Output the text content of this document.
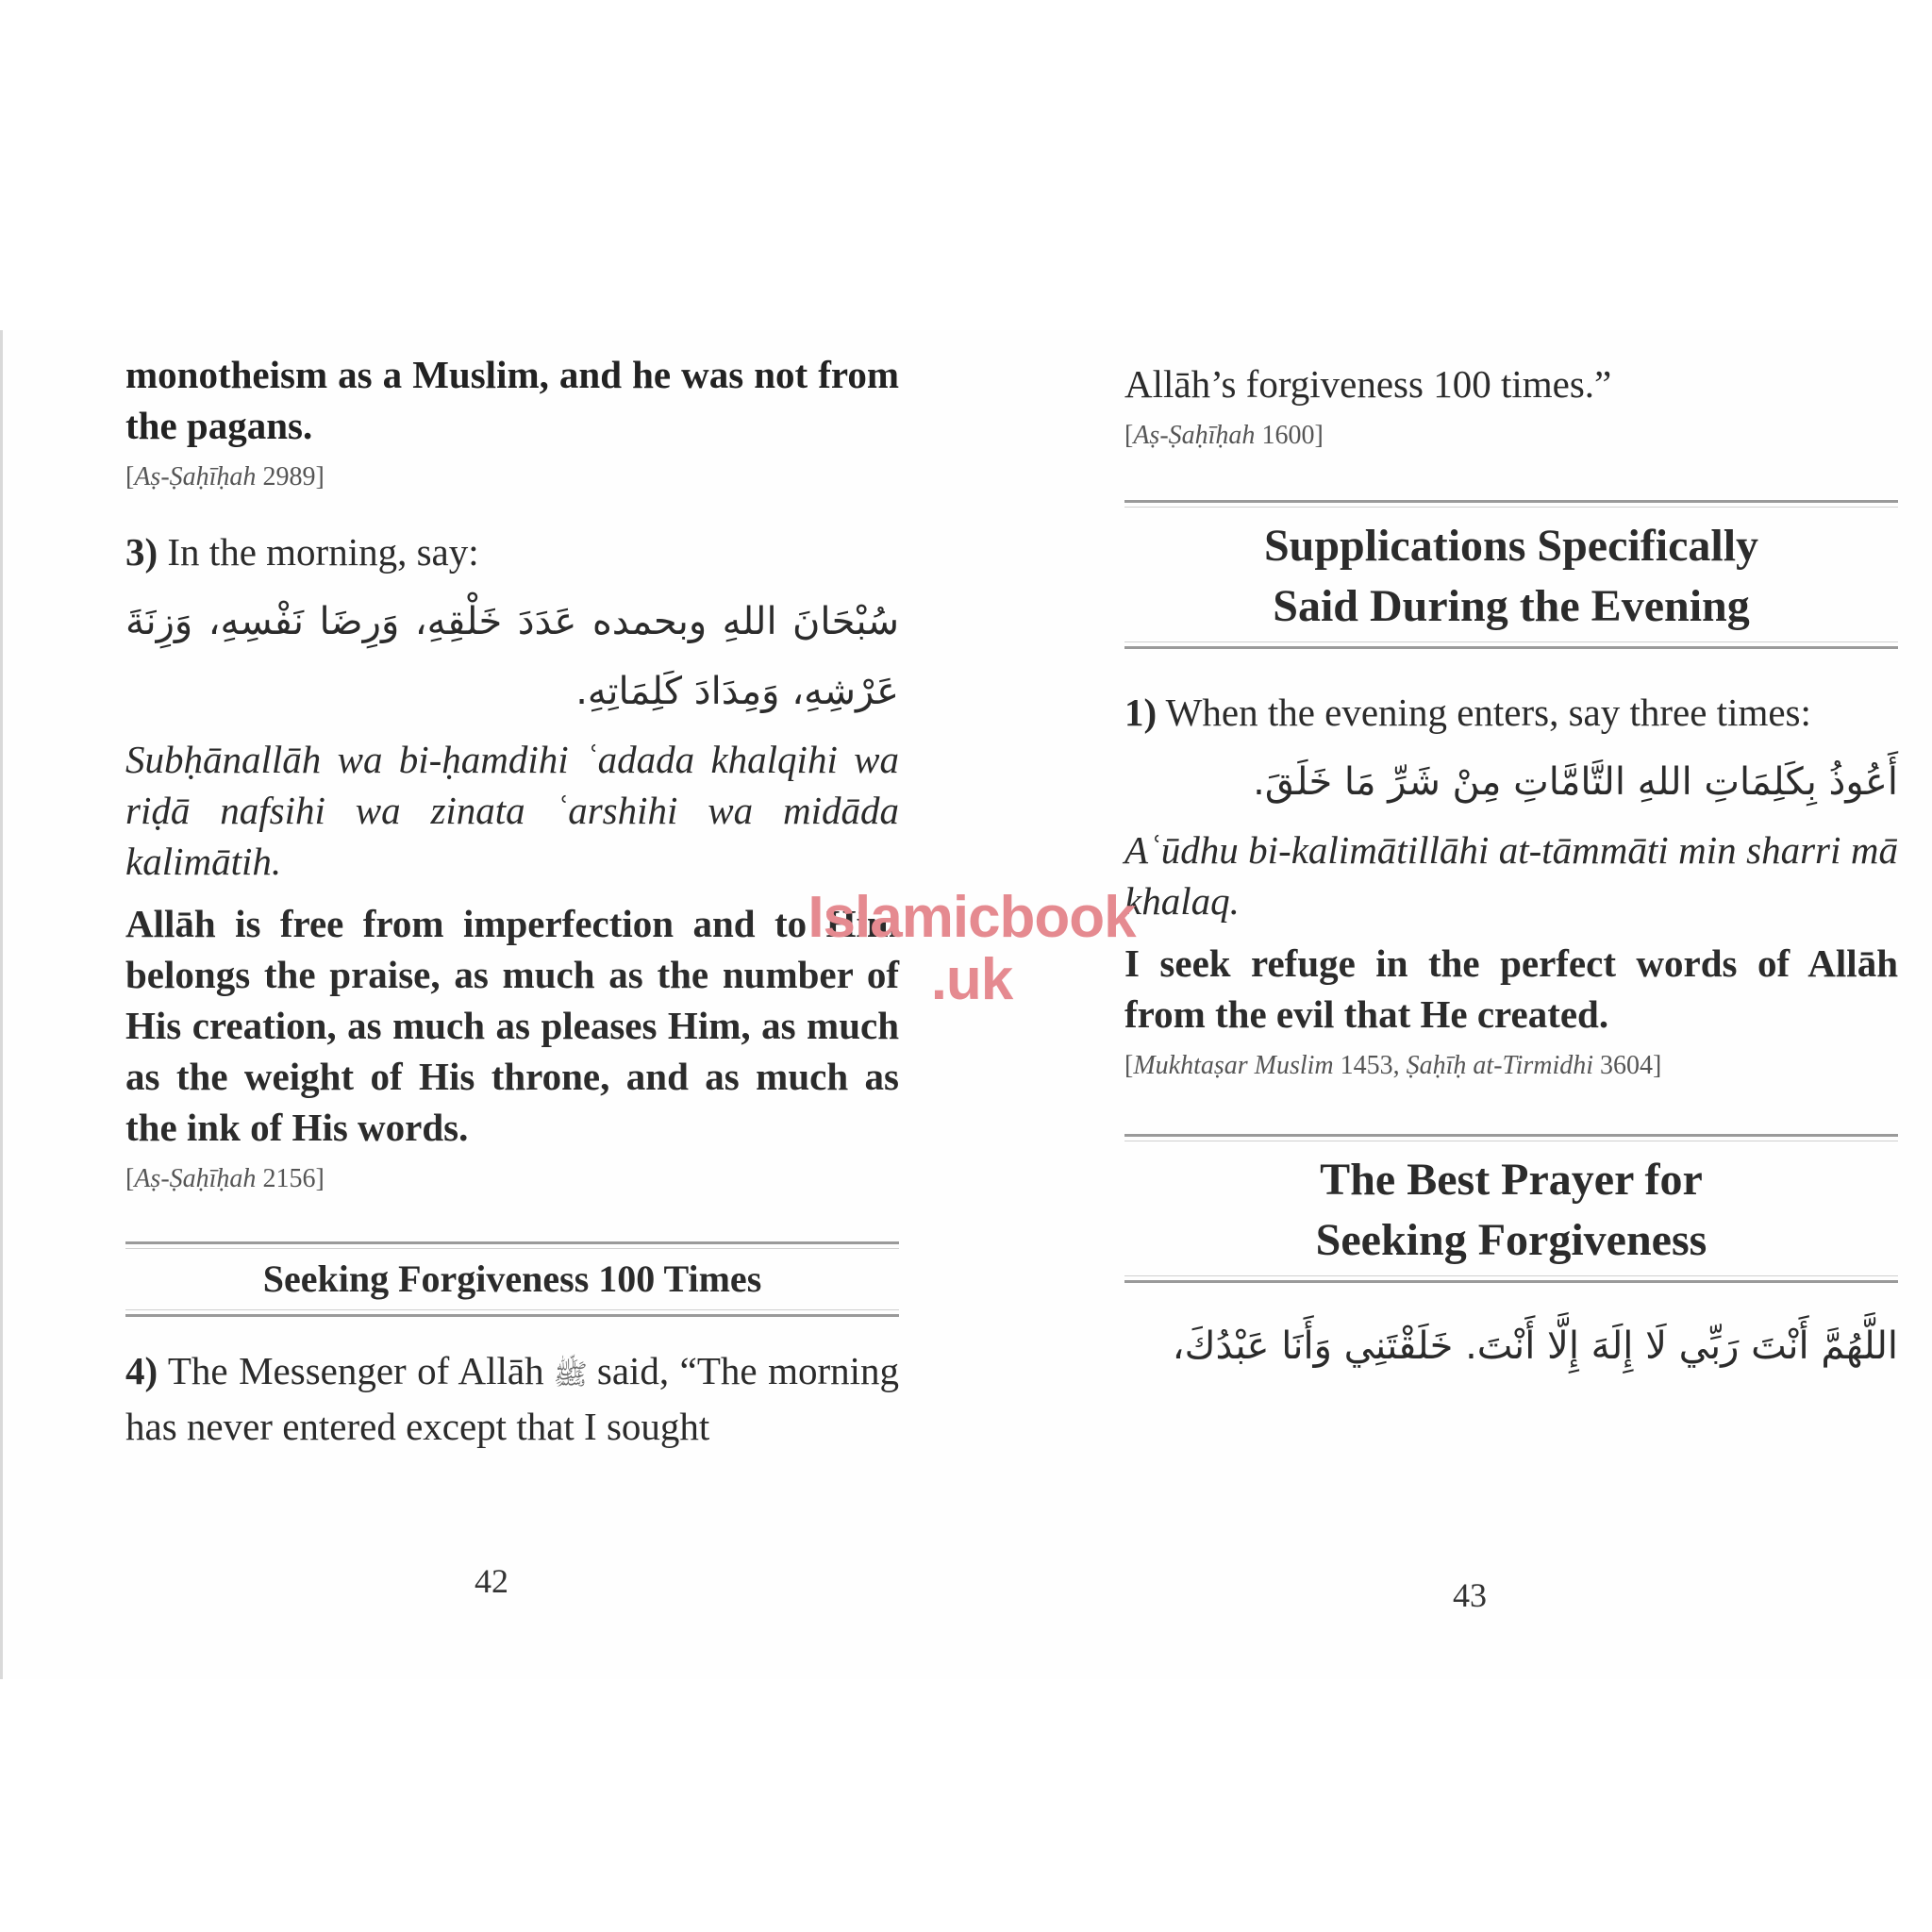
monotheism as a Muslim, and he was not from the pagans.

[Aṣ-Ṣaḥīḥah 2989]

3) In the morning, say:

سُبْحَانَ اللهِ وبحمده عَدَدَ خَلْقِهِ، وَرِضَا نَفْسِهِ، وَزِنَةَ عَرْشِهِ، وَمِدَادَ كَلِمَاتِهِ.

Subḥānallāh wa bi-ḥamdihi ʿadada khalqihi wa riḍā nafsihi wa zinata ʿarshihi wa midāda kalimātih.

Allāh is free from imperfection and to Him belongs the praise, as much as the number of His creation, as much as pleases Him, as much as the weight of His throne, and as much as the ink of His words.

[Aṣ-Ṣaḥīḥah 2156]

Seeking Forgiveness 100 Times

4) The Messenger of Allāh ﷺ said, “The morning has never entered except that I sought

42

Allāh’s forgiveness 100 times.”

[Aṣ-Ṣaḥīḥah 1600]

Supplications Specifically
Said During the Evening

1) When the evening enters, say three times:

أَعُوذُ بِكَلِمَاتِ اللهِ التَّامَّاتِ مِنْ شَرِّ مَا خَلَقَ.

Aʿūdhu bi-kalimātillāhi at-tāmmāti min sharri mā khalaq.

I seek refuge in the perfect words of Allāh from the evil that He created.

[Mukhtaṣar Muslim 1453, Ṣaḥīḥ at-Tirmidhi 3604]

The Best Prayer for
Seeking Forgiveness

اللَّهُمَّ أَنْتَ رَبِّي لَا إِلَهَ إِلَّا أَنْتَ. خَلَقْتَنِي وَأَنَا عَبْدُكَ،

43
Islamicbook
.uk
